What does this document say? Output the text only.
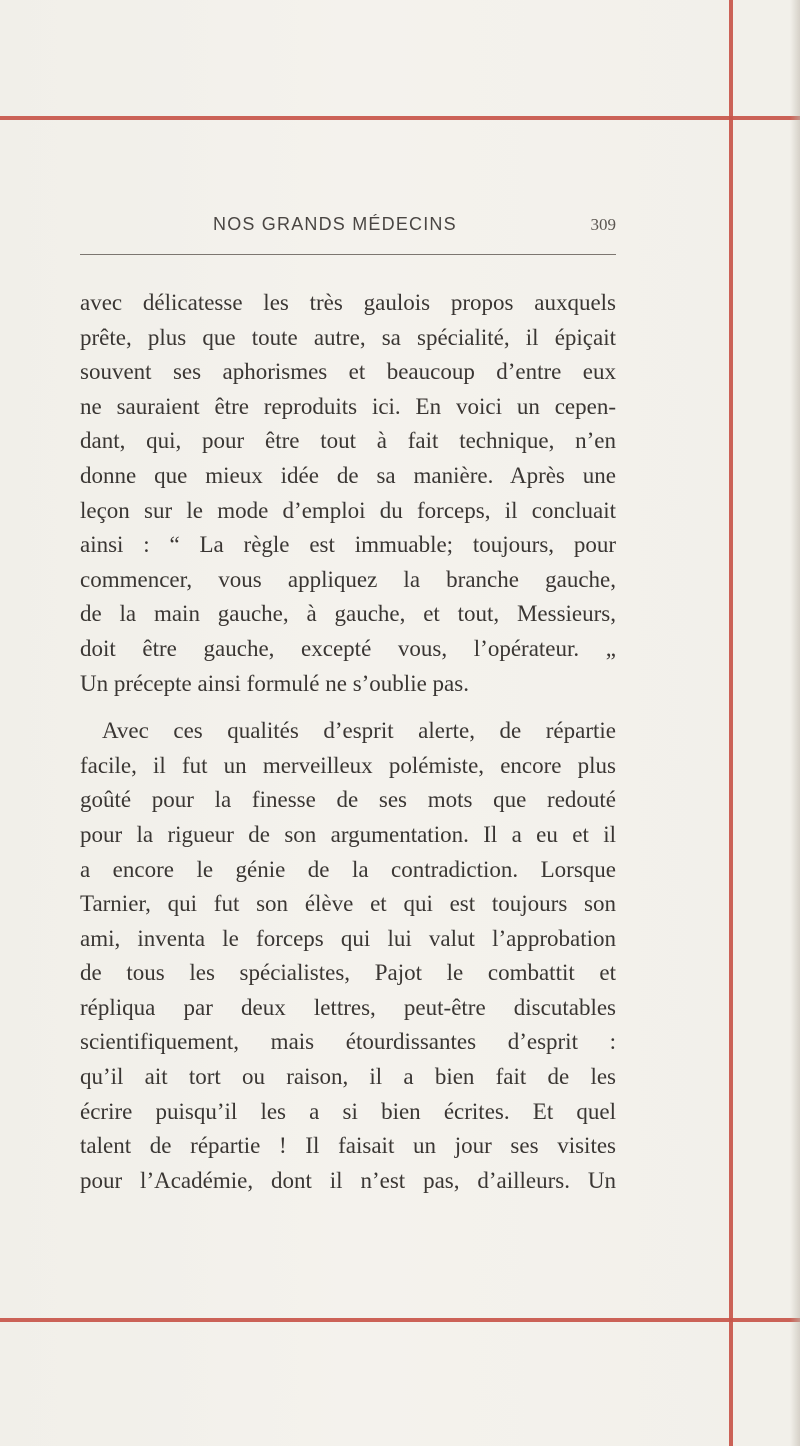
NOS GRANDS MÉDECINS	309
avec délicatesse les très gaulois propos auxquels
prête, plus que toute autre, sa spécialité, il épiçait
souvent ses aphorismes et beaucoup d’entre eux
ne sauraient être reproduits ici. En voici un cepen-
dant, qui, pour être tout à fait technique, n’en
donne que mieux idée de sa manière. Après une
leçon sur le mode d’emploi du forceps, il concluait
ainsi : “ La règle est immuable; toujours, pour
commencer, vous appliquez la branche gauche,
de la main gauche, à gauche, et tout, Messieurs,
doit être gauche, excepté vous, l’opérateur. „
Un précepte ainsi formulé ne s’oublie pas.
Avec ces qualités d’esprit alerte, de répartie
facile, il fut un merveilleux polémiste, encore plus
goûté pour la finesse de ses mots que redouté
pour la rigueur de son argumentation. Il a eu et il
a encore le génie de la contradiction. Lorsque
Tarnier, qui fut son élève et qui est toujours son
ami, inventa le forceps qui lui valut l’approbation
de tous les spécialistes, Pajot le combattit et
répliqua par deux lettres, peut-être discutables
scientifiquement, mais étourdissantes d’esprit :
qu’il ait tort ou raison, il a bien fait de les
écrire puisqu’il les a si bien écrites. Et quel
talent de répartie ! Il faisait un jour ses visites
pour l’Académie, dont il n’est pas, d’ailleurs. Un
